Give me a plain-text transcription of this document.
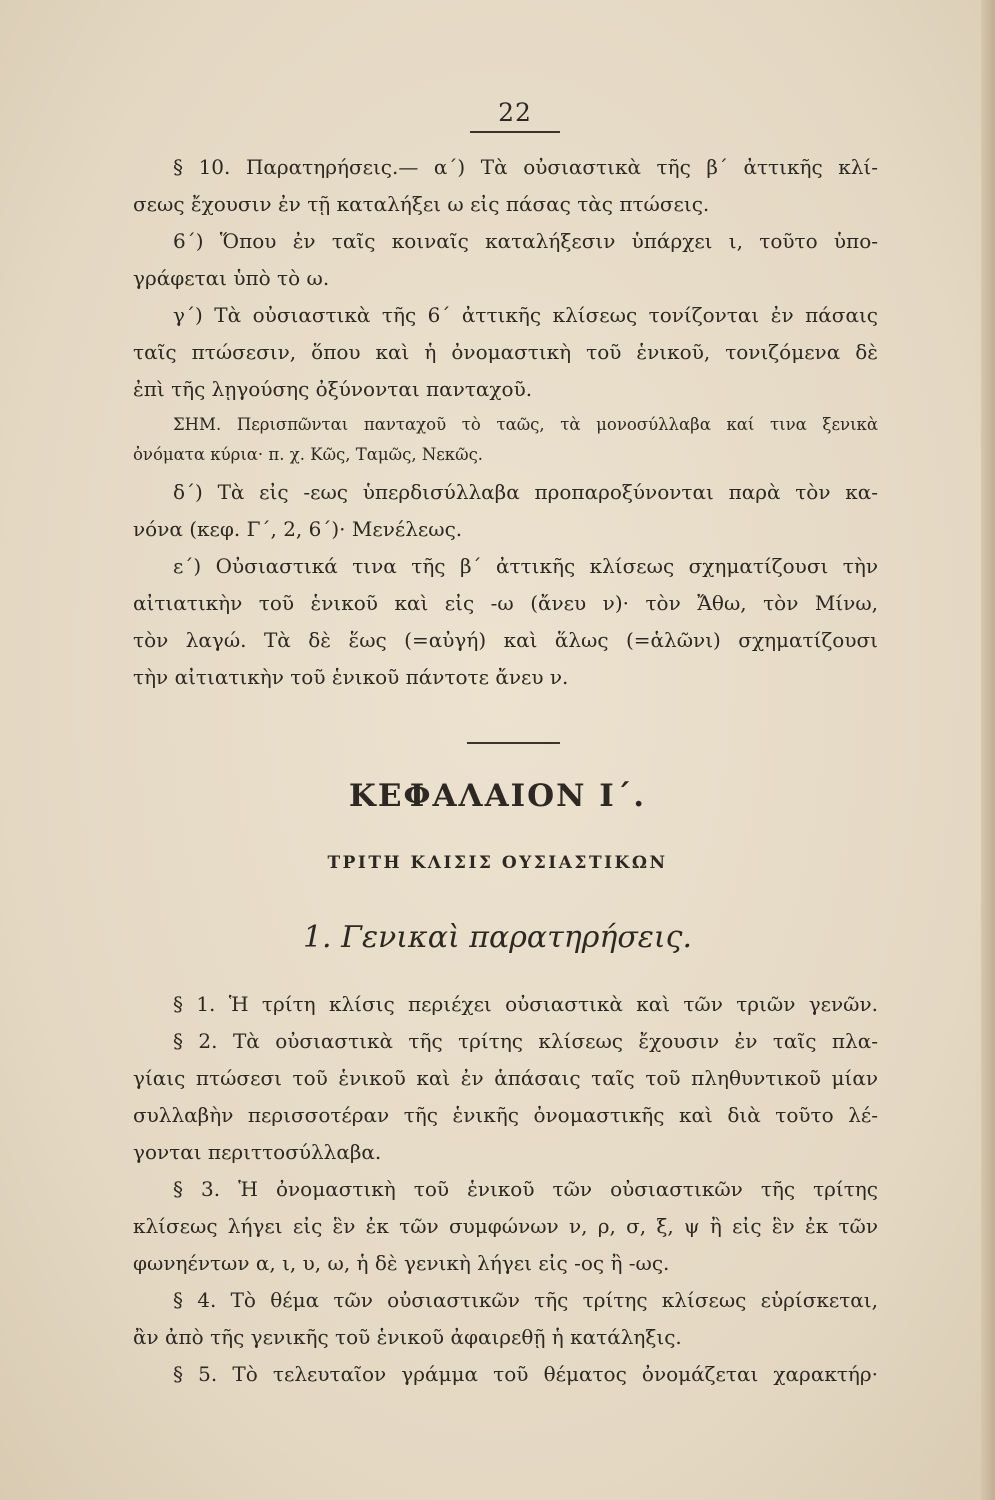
22

§ 10. Παρατηρήσεις.— α΄) Τὰ οὐσιαστικὰ τῆς β΄ ἀττικῆς κλί-
σεως ἔχουσιν ἐν τῇ καταλήξει ω εἰς πάσας τὰς πτώσεις.

6΄) Ὅπου ἐν ταῖς κοιναῖς καταλήξεσιν ὑπάρχει ι, τοῦτο ὑπο-
γράφεται ὑπὸ τὸ ω.

γ΄) Τὰ οὐσιαστικὰ τῆς 6΄ ἀττικῆς κλίσεως τονίζονται ἐν πάσαις
ταῖς πτώσεσιν, ὅπου καὶ ἡ ὀνομαστικὴ τοῦ ἑνικοῦ, τονιζόμενα δὲ
ἐπὶ τῆς λῃγούσης ὀξύνονται πανταχοῦ.

ΣΗΜ. Περισπῶνται πανταχοῦ τὸ ταῶς, τὰ μονοσύλλαβα καί τινα ξενικὰ
ὀνόματα κύρια· π. χ. Κῶς, Ταμῶς, Νεκῶς.

δ΄) Τὰ εἰς -εως ὑπερδισύλλαβα προπαροξύνονται παρὰ τὸν κα-
νόνα (κεφ. Γ΄, 2, 6΄)· Μενέλεως.

ε΄) Οὐσιαστικά τινα τῆς β΄ ἀττικῆς κλίσεως σχηματίζουσι τὴν
αἰτιατικὴν τοῦ ἑνικοῦ καὶ εἰς -ω (ἄνευ ν)· τὸν Ἄθω, τὸν Μίνω,
τὸν λαγώ. Τὰ δὲ ἕως (=αὐγή) καὶ ἅλως (=ἁλῶνι) σχηματίζουσι
τὴν αἰτιατικὴν τοῦ ἑνικοῦ πάντοτε ἄνευ ν.

ΚΕΦΑΛΑΙΟΝ Ι΄.
ΤΡΙΤΗ ΚΛΙΣΙΣ ΟΥΣΙΑΣΤΙΚΩΝ
1. Γενικαὶ παρατηρήσεις.

§ 1. Ἡ τρίτη κλίσις περιέχει οὐσιαστικὰ καὶ τῶν τριῶν γενῶν.

§ 2. Τὰ οὐσιαστικὰ τῆς τρίτης κλίσεως ἔχουσιν ἐν ταῖς πλα-
γίαις πτώσεσι τοῦ ἑνικοῦ καὶ ἐν ἁπάσαις ταῖς τοῦ πληθυντικοῦ μίαν
συλλαβὴν περισσοτέραν τῆς ἑνικῆς ὀνομαστικῆς καὶ διὰ τοῦτο λέ-
γονται περιττοσύλλαβα.

§ 3. Ἡ ὀνομαστικὴ τοῦ ἑνικοῦ τῶν οὐσιαστικῶν τῆς τρίτης
κλίσεως λήγει εἰς ἓν ἐκ τῶν συμφώνων ν, ρ, σ, ξ, ψ ἢ εἰς ἓν ἐκ τῶν
φωνηέντων α, ι, υ, ω, ἡ δὲ γενικὴ λήγει εἰς -ος ἢ -ως.

§ 4. Τὸ θέμα τῶν οὐσιαστικῶν τῆς τρίτης κλίσεως εὑρίσκεται,
ἂν ἀπὸ τῆς γενικῆς τοῦ ἑνικοῦ ἀφαιρεθῇ ἡ κατάληξις.

§ 5. Τὸ τελευταῖον γράμμα τοῦ θέματος ὀνομάζεται χαρακτήρ·
